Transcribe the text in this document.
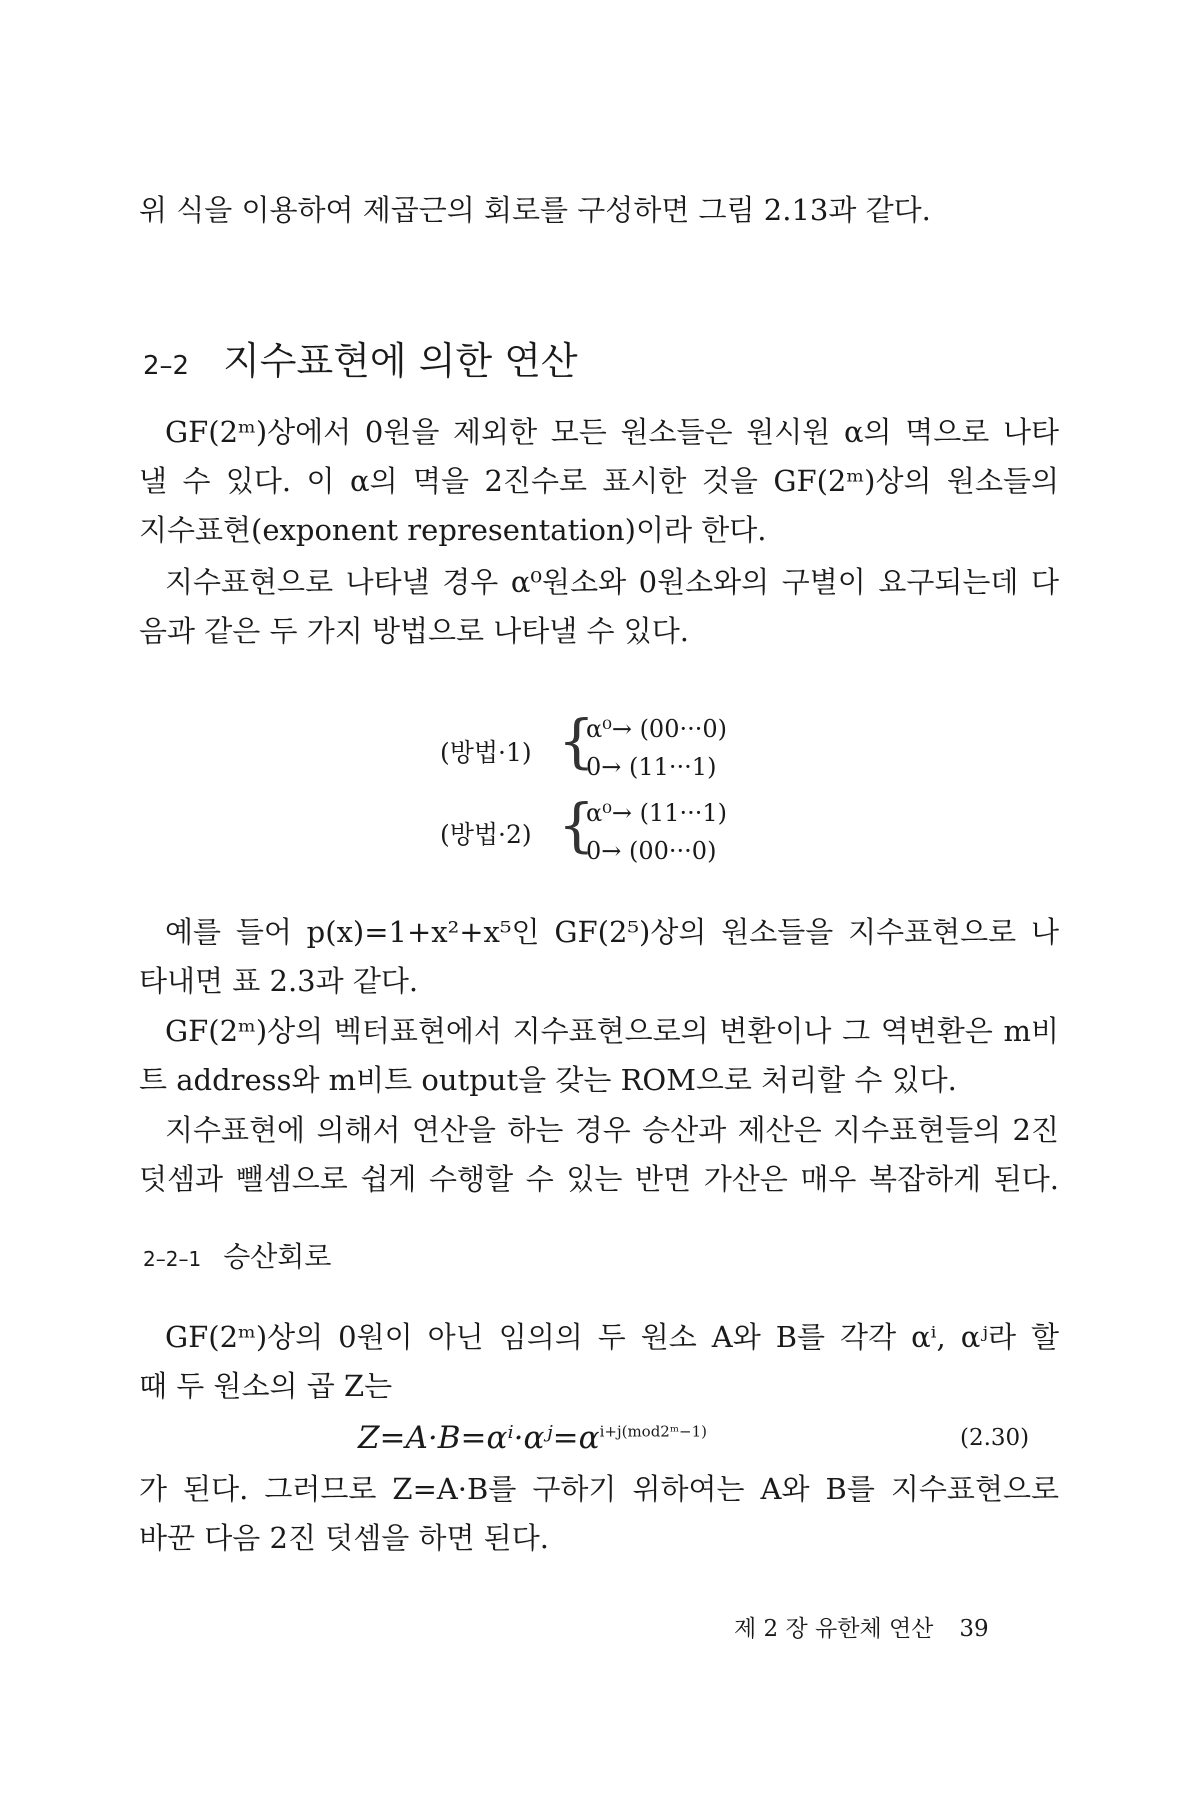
위 식을 이용하여 제곱근의 회로를 구성하면 그림 2.13과 같다.
2–2 지수표현에 의한 연산
GF(2ᵐ)상에서 0원을 제외한 모든 원소들은 원시원 α의 멱으로 나타
낼 수 있다. 이 α의 멱을 2진수로 표시한 것을 GF(2ᵐ)상의 원소들의
지수표현(exponent representation)이라 한다.
지수표현으로 나타낼 경우 α⁰원소와 0원소와의 구별이 요구되는데 다
음과 같은 두 가지 방법으로 나타낼 수 있다.
(방법·1) {
α⁰→ (00···0)
0→ (11···1)
(방법·2) {
α⁰→ (11···1)
0→ (00···0)
예를 들어 p(x)=1+x²+x⁵인 GF(2⁵)상의 원소들을 지수표현으로 나
타내면 표 2.3과 같다.
GF(2ᵐ)상의 벡터표현에서 지수표현으로의 변환이나 그 역변환은 m비
트 address와 m비트 output을 갖는 ROM으로 처리할 수 있다.
지수표현에 의해서 연산을 하는 경우 승산과 제산은 지수표현들의 2진
덧셈과 뺄셈으로 쉽게 수행할 수 있는 반면 가산은 매우 복잡하게 된다.
2–2–1 승산회로
GF(2ᵐ)상의 0원이 아닌 임의의 두 원소 A와 B를 각각 αⁱ, αʲ라 할
때 두 원소의 곱 Z는
$Z=A\cdot B=\alpha^i\cdot\alpha ʲ=\alpha^{i+j(mod2ᵐ-1)}$	(2.30)
가 된다. 그러므로 Z=A·B를 구하기 위하여는 A와 B를 지수표현으로
바꾼 다음 2진 덧셈을 하면 된다.
제 2 장 유한체 연산 39
